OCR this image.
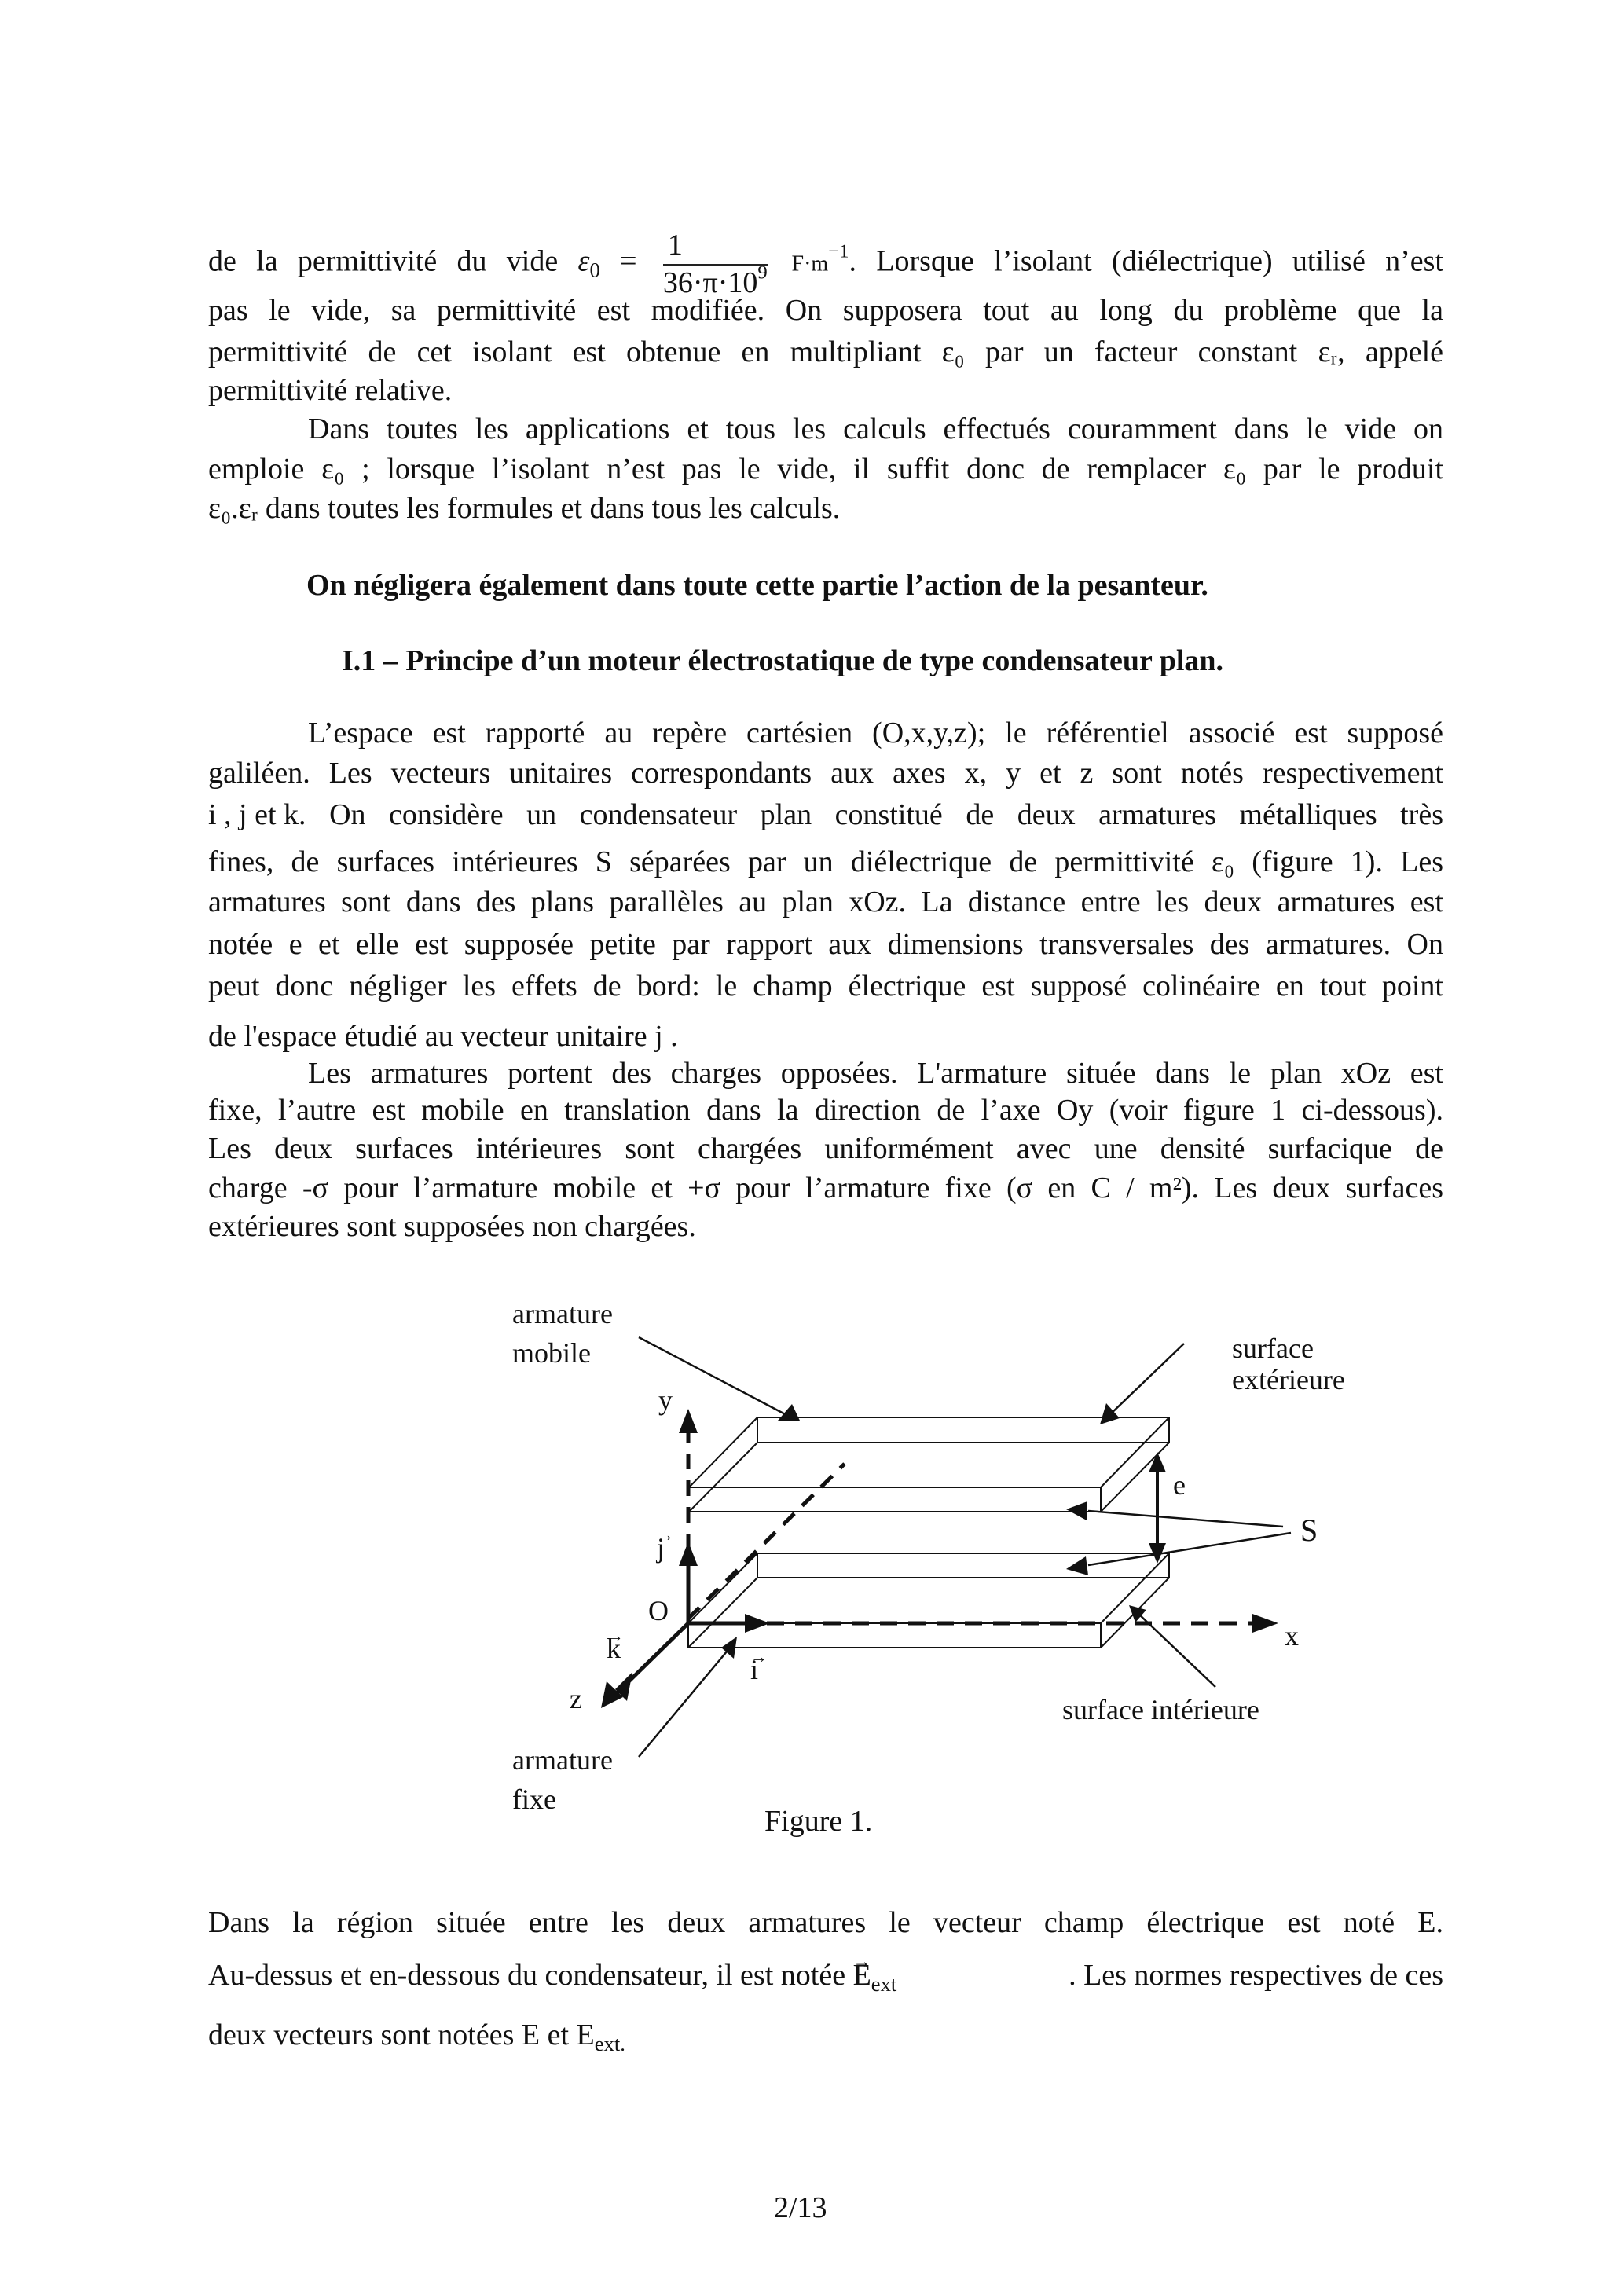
de la permittivité du vide $\varepsilon_0 = \frac{1}{36\cdot\pi\cdot 10^9} F\cdot m^{-1}$. Lorsque l’isolant (diélectrique) utilisé n’est
pas le vide, sa permittivité est modifiée. On supposera tout au long du problème que la
permittivité de cet isolant est obtenue en multipliant ε₀ par un facteur constant εᵣ, appelé
permittivité relative.
Dans toutes les applications et tous les calculs effectués couramment dans le vide on
emploie ε₀ ; lorsque l’isolant n’est pas le vide, il suffit donc de remplacer ε₀ par le produit
ε₀.εᵣ dans toutes les formules et dans tous les calculs.
On négligera également dans toute cette partie l’action de la pesanteur.
I.1 – Principe d’un moteur électrostatique de type condensateur plan.
L’espace est rapporté au repère cartésien (O,x,y,z); le référentiel associé est supposé
galiléen. Les vecteurs unitaires correspondants aux axes x, y et z sont notés respectivement
i , j et k . On considère un condensateur plan constitué de deux armatures métalliques très
fines, de surfaces intérieures S séparées par un diélectrique de permittivité ε₀ (figure 1). Les
armatures sont dans des plans parallèles au plan xOz. La distance entre les deux armatures est
notée e et elle est supposée petite par rapport aux dimensions transversales des armatures. On
peut donc négliger les effets de bord: le champ électrique est supposé colinéaire en tout point
de l'espace étudié au vecteur unitaire j .
Les armatures portent des charges opposées. L'armature située dans le plan xOz est
fixe, l’autre est mobile en translation dans la direction de l’axe Oy (voir figure 1 ci-dessous).
Les deux surfaces intérieures sont chargées uniformément avec une densité surfacique de
charge -σ pour l’armature mobile et +σ pour l’armature fixe (σ en C / m²). Les deux surfaces
extérieures sont supposées non chargées.
armature
mobile	surface
extérieure
y
e
S
→ j
O
→ k
→ i
x
z	surface intérieure
armature
fixe
Figure 1.
Dans la région située entre les deux armatures le vecteur champ électrique est noté E.
Au-dessus et en-dessous du condensateur, il est notée → $E_{ext}$	. Les normes respectives de ces
deux vecteurs sont notées E et $E_{ext.}$
2/13
